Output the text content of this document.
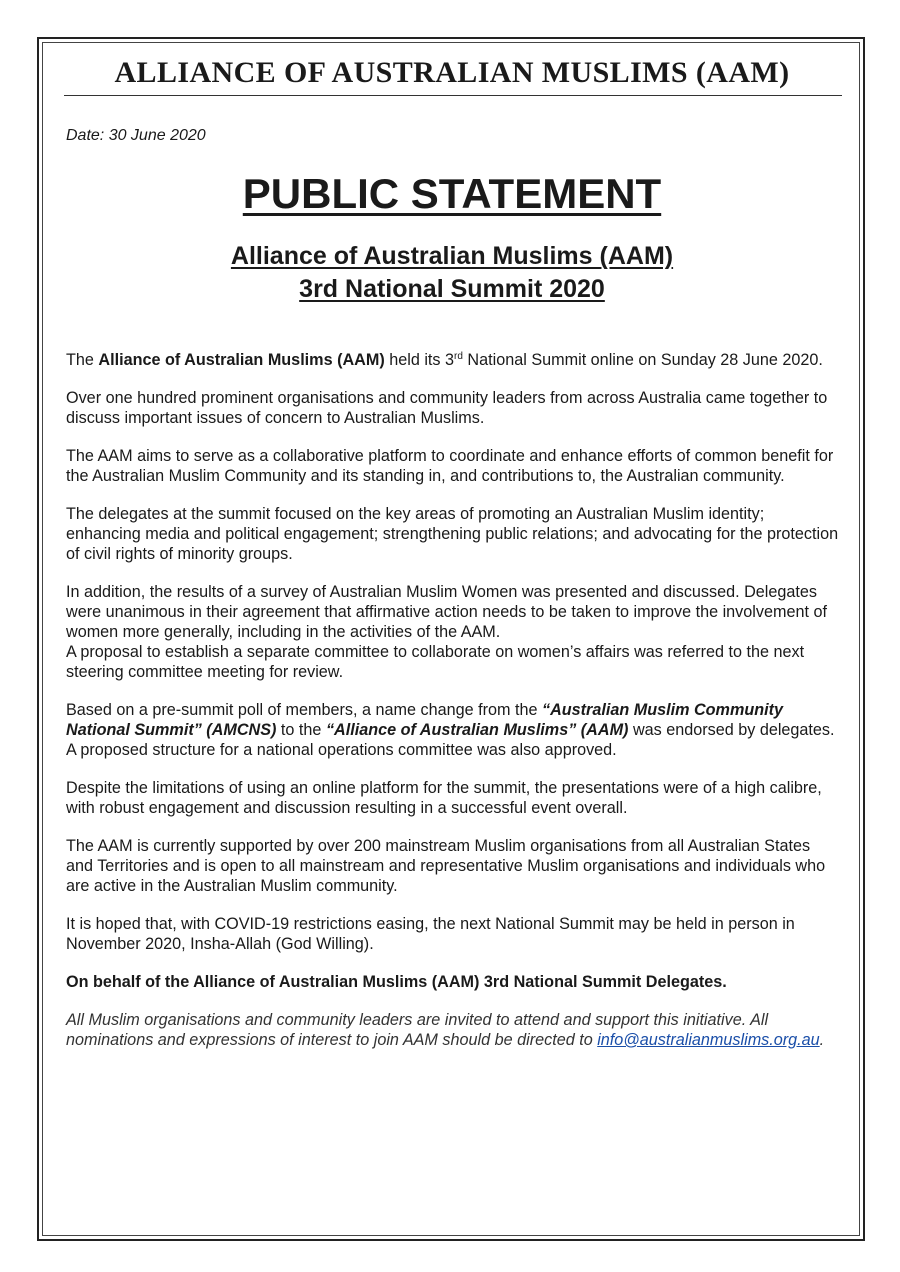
ALLIANCE OF AUSTRALIAN MUSLIMS (AAM)
Date: 30 June 2020
PUBLIC STATEMENT
Alliance of Australian Muslims (AAM)
3rd National Summit 2020

The Alliance of Australian Muslims (AAM) held its 3rd National Summit online on Sunday 28 June 2020.

Over one hundred prominent organisations and community leaders from across Australia came together to discuss important issues of concern to Australian Muslims.

The AAM aims to serve as a collaborative platform to coordinate and enhance efforts of common benefit for the Australian Muslim Community and its standing in, and contributions to, the Australian community.

The delegates at the summit focused on the key areas of promoting an Australian Muslim identity; enhancing media and political engagement; strengthening public relations; and advocating for the protection of civil rights of minority groups.

In addition, the results of a survey of Australian Muslim Women was presented and discussed. Delegates were unanimous in their agreement that affirmative action needs to be taken to improve the involvement of women more generally, including in the activities of the AAM.

A proposal to establish a separate committee to collaborate on women’s affairs was referred to the next steering committee meeting for review.

Based on a pre-summit poll of members, a name change from the “Australian Muslim Community National Summit” (AMCNS) to the “Alliance of Australian Muslims” (AAM) was endorsed by delegates. A proposed structure for a national operations committee was also approved.

Despite the limitations of using an online platform for the summit, the presentations were of a high calibre, with robust engagement and discussion resulting in a successful event overall.

The AAM is currently supported by over 200 mainstream Muslim organisations from all Australian States and Territories and is open to all mainstream and representative Muslim organisations and individuals who are active in the Australian Muslim community.

It is hoped that, with COVID-19 restrictions easing, the next National Summit may be held in person in November 2020, Insha-Allah (God Willing).

On behalf of the Alliance of Australian Muslims (AAM) 3rd National Summit Delegates.

All Muslim organisations and community leaders are invited to attend and support this initiative. All nominations and expressions of interest to join AAM should be directed to info@australianmuslims.org.au.
